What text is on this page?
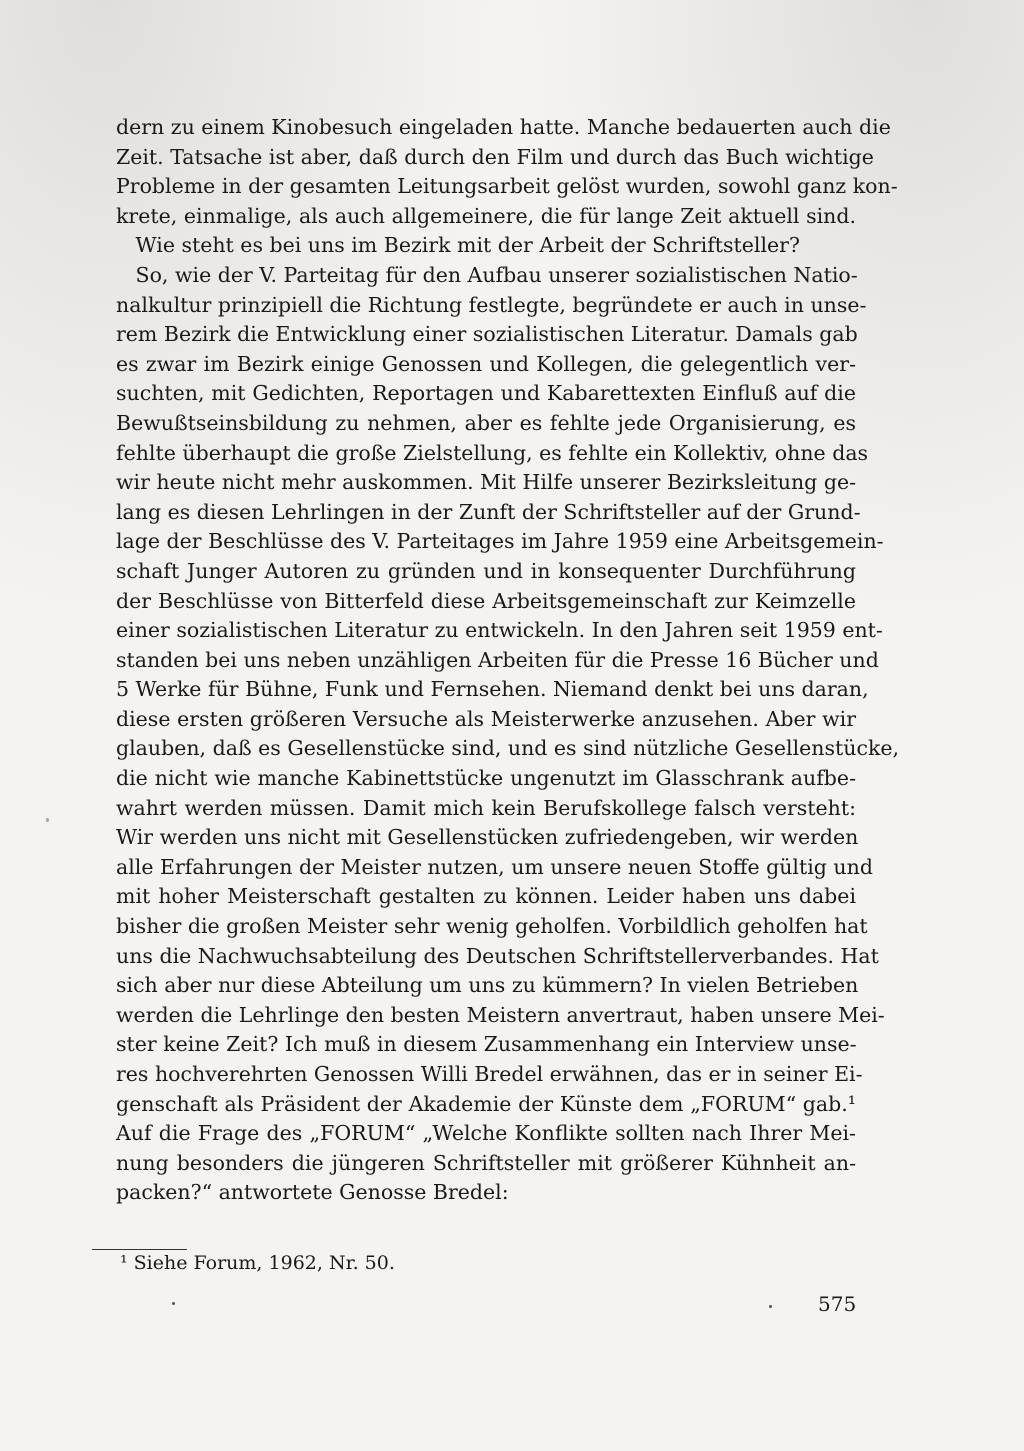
dern zu einem Kinobesuch eingeladen hatte. Manche bedauerten auch die
Zeit. Tatsache ist aber, daß durch den Film und durch das Buch wichtige
Probleme in der gesamten Leitungsarbeit gelöst wurden, sowohl ganz kon-
krete, einmalige, als auch allgemeinere, die für lange Zeit aktuell sind.
Wie steht es bei uns im Bezirk mit der Arbeit der Schriftsteller?
So, wie der V. Parteitag für den Aufbau unserer sozialistischen Natio-
nalkultur prinzipiell die Richtung festlegte, begründete er auch in unse-
rem Bezirk die Entwicklung einer sozialistischen Literatur. Damals gab
es zwar im Bezirk einige Genossen und Kollegen, die gelegentlich ver-
suchten, mit Gedichten, Reportagen und Kabarettexten Einfluß auf die
Bewußtseinsbildung zu nehmen, aber es fehlte jede Organisierung, es
fehlte überhaupt die große Zielstellung, es fehlte ein Kollektiv, ohne das
wir heute nicht mehr auskommen. Mit Hilfe unserer Bezirksleitung ge-
lang es diesen Lehrlingen in der Zunft der Schriftsteller auf der Grund-
lage der Beschlüsse des V. Parteitages im Jahre 1959 eine Arbeitsgemein-
schaft Junger Autoren zu gründen und in konsequenter Durchführung
der Beschlüsse von Bitterfeld diese Arbeitsgemeinschaft zur Keimzelle
einer sozialistischen Literatur zu entwickeln. In den Jahren seit 1959 ent-
standen bei uns neben unzähligen Arbeiten für die Presse 16 Bücher und
5 Werke für Bühne, Funk und Fernsehen. Niemand denkt bei uns daran,
diese ersten größeren Versuche als Meisterwerke anzusehen. Aber wir
glauben, daß es Gesellenstücke sind, und es sind nützliche Gesellenstücke,
die nicht wie manche Kabinettstücke ungenutzt im Glasschrank aufbe-
wahrt werden müssen. Damit mich kein Berufskollege falsch versteht:
Wir werden uns nicht mit Gesellenstücken zufriedengeben, wir werden
alle Erfahrungen der Meister nutzen, um unsere neuen Stoffe gültig und
mit hoher Meisterschaft gestalten zu können. Leider haben uns dabei
bisher die großen Meister sehr wenig geholfen. Vorbildlich geholfen hat
uns die Nachwuchsabteilung des Deutschen Schriftstellerverbandes. Hat
sich aber nur diese Abteilung um uns zu kümmern? In vielen Betrieben
werden die Lehrlinge den besten Meistern anvertraut, haben unsere Mei-
ster keine Zeit? Ich muß in diesem Zusammenhang ein Interview unse-
res hochverehrten Genossen Willi Bredel erwähnen, das er in seiner Ei-
genschaft als Präsident der Akademie der Künste dem „FORUM“ gab.¹
Auf die Frage des „FORUM“ „Welche Konflikte sollten nach Ihrer Mei-
nung besonders die jüngeren Schriftsteller mit größerer Kühnheit an-
packen?“ antwortete Genosse Bredel:
¹ Siehe Forum, 1962, Nr. 50.
575
